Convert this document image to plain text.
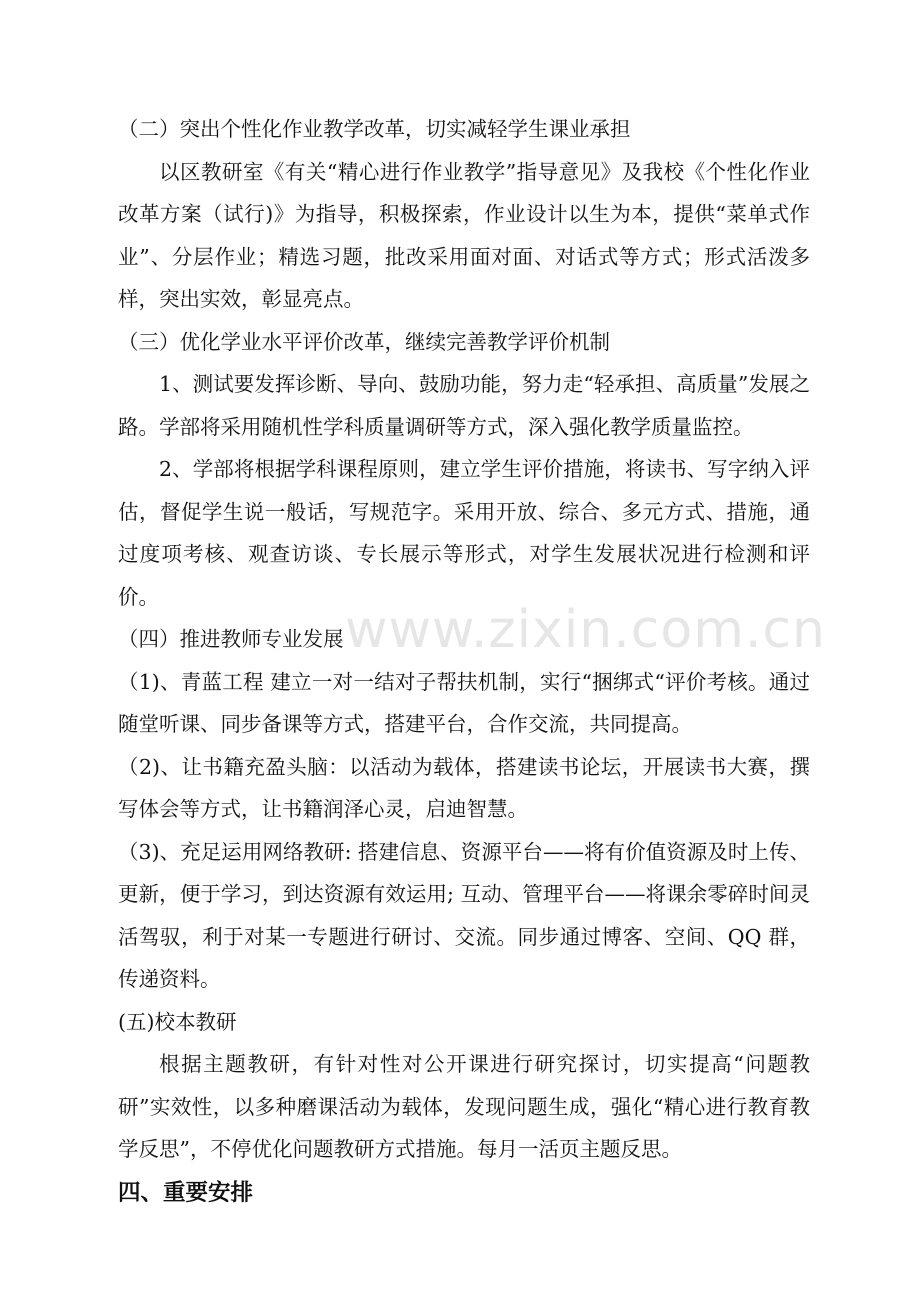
（二）突出个性化作业教学改革，切实减轻学生课业承担

以区教研室《有关“精心进行作业教学”指导意见》及我校《个性化作业改革方案（试行)》为指导，积极探索，作业设计以生为本，提供“菜单式作业”、分层作业；精选习题，批改采用面对面、对话式等方式；形式活泼多样，突出实效，彰显亮点。

（三）优化学业水平评价改革，继续完善教学评价机制

1、测试要发挥诊断、导向、鼓励功能，努力走“轻承担、高质量”发展之路。学部将采用随机性学科质量调研等方式，深入强化教学质量监控。

2、学部将根据学科课程原则，建立学生评价措施，将读书、写字纳入评估，督促学生说一般话，写规范字。采用开放、综合、多元方式、措施，通过度项考核、观查访谈、专长展示等形式，对学生发展状况进行检测和评价。

（四）推进教师专业发展

（1)、青蓝工程 建立一对一结对子帮扶机制，实行“捆绑式“评价考核。通过随堂听课、同步备课等方式，搭建平台，合作交流，共同提高。

（2)、让书籍充盈头脑：以活动为载体，搭建读书论坛，开展读书大赛，撰写体会等方式，让书籍润泽心灵，启迪智慧。

（3)、充足运用网络教研: 搭建信息、资源平台——将有价值资源及时上传、更新，便于学习，到达资源有效运用; 互动、管理平台——将课余零碎时间灵活驾驭，利于对某一专题进行研讨、交流。同步通过博客、空间、QQ 群，传递资料。

(五)校本教研

根据主题教研，有针对性对公开课进行研究探讨，切实提高“问题教研”实效性，以多种磨课活动为载体，发现问题生成，强化“精心进行教育教学反思”，不停优化问题教研方式措施。每月一活页主题反思。

四、重要安排

www.zixin.com.cn
